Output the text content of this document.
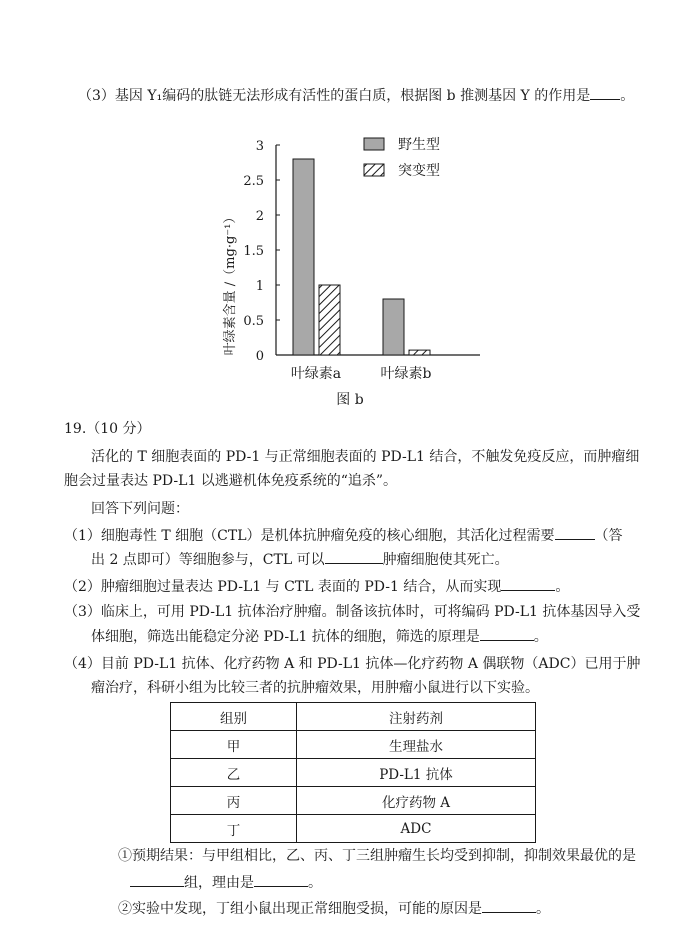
（3）基因 Y₁编码的肽链无法形成有活性的蛋白质，根据图 b 推测基因 Y 的作用是 。
叶绿素含量 /（mg·g⁻¹）
0
0.5
1
1.5
2
2.5
3
叶绿素a	叶绿素b
野生型
突变型
图 b
19.（10 分）
活化的 T 细胞表面的 PD-1 与正常细胞表面的 PD-L1 结合，不触发免疫反应，而肿瘤细
胞会过量表达 PD-L1 以逃避机体免疫系统的“追杀”。
回答下列问题：
（1）细胞毒性 T 细胞（CTL）是机体抗肿瘤免疫的核心细胞，其活化过程需要	（答
出 2 点即可）等细胞参与，CTL 可以	肿瘤细胞使其死亡。
（2）肿瘤细胞过量表达 PD-L1 与 CTL 表面的 PD-1 结合，从而实现	。
（3）临床上，可用 PD-L1 抗体治疗肿瘤。制备该抗体时，可将编码 PD-L1 抗体基因导入受
体细胞，筛选出能稳定分泌 PD-L1 抗体的细胞，筛选的原理是	。
（4）目前 PD-L1 抗体、化疗药物 A 和 PD-L1 抗体—化疗药物 A 偶联物（ADC）已用于肿
瘤治疗，科研小组为比较三者的抗肿瘤效果，用肿瘤小鼠进行以下实验。
组别	注射药剂
甲	生理盐水
乙	PD-L1 抗体
丙	化疗药物 A
丁	ADC
①预期结果：与甲组相比，乙、丙、丁三组肿瘤生长均受到抑制，抑制效果最优的是
组，理由是	。
②实验中发现，丁组小鼠出现正常细胞受损，可能的原因是	。
